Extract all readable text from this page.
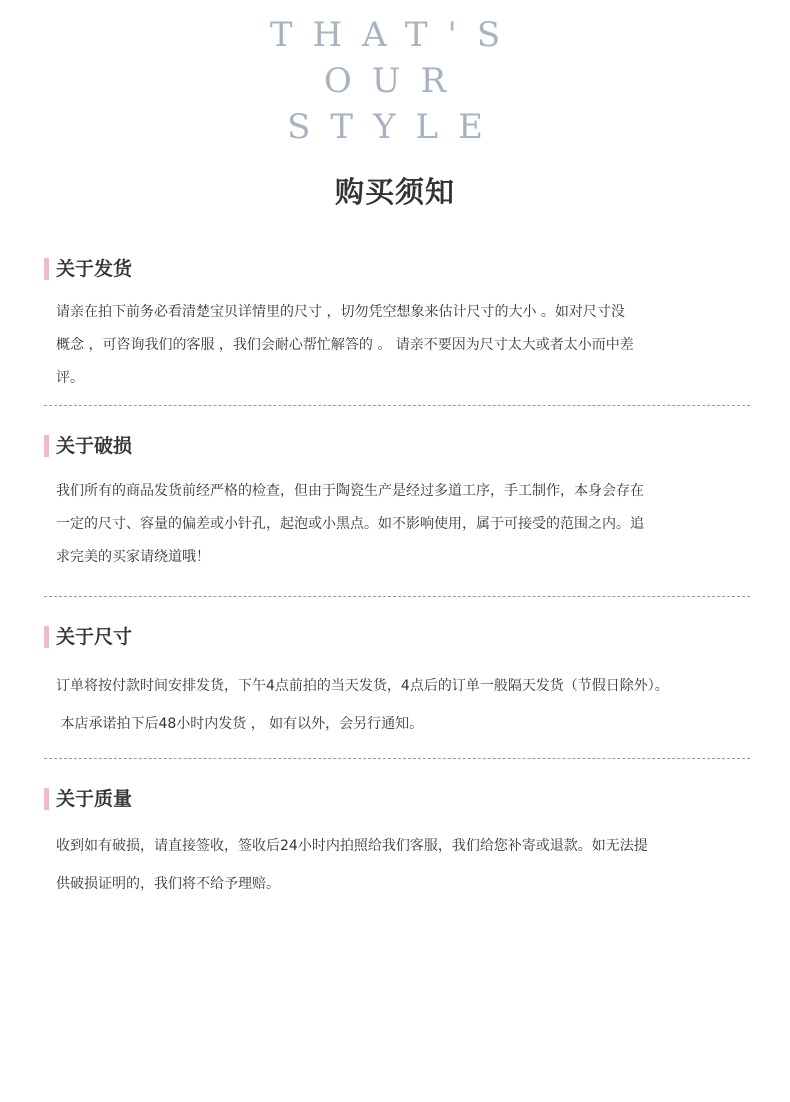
THAT'S
OUR
STYLE
购买须知
关于发货
请亲在拍下前务必看清楚宝贝详情里的尺寸 ，切勿凭空想象来估计尺寸的大小 。如对尺寸没
概念 ，可咨询我们的客服 ，我们会耐心帮忙解答的 。 请亲不要因为尺寸太大或者太小而中差
评。
关于破损
我们所有的商品发货前经严格的检查，但由于陶瓷生产是经过多道工序，手工制作，本身会存在
一定的尺寸、容量的偏差或小针孔，起泡或小黑点。如不影响使用，属于可接受的范围之内。追
求完美的买家请绕道哦！
关于尺寸
订单将按付款时间安排发货，下午4点前拍的当天发货，4点后的订单一般隔天发货（节假日除外）。
本店承诺拍下后48小时内发货 ， 如有以外，会另行通知。
关于质量
收到如有破损，请直接签收，签收后24小时内拍照给我们客服，我们给您补寄或退款。如无法提
供破损证明的，我们将不给予理赔。
